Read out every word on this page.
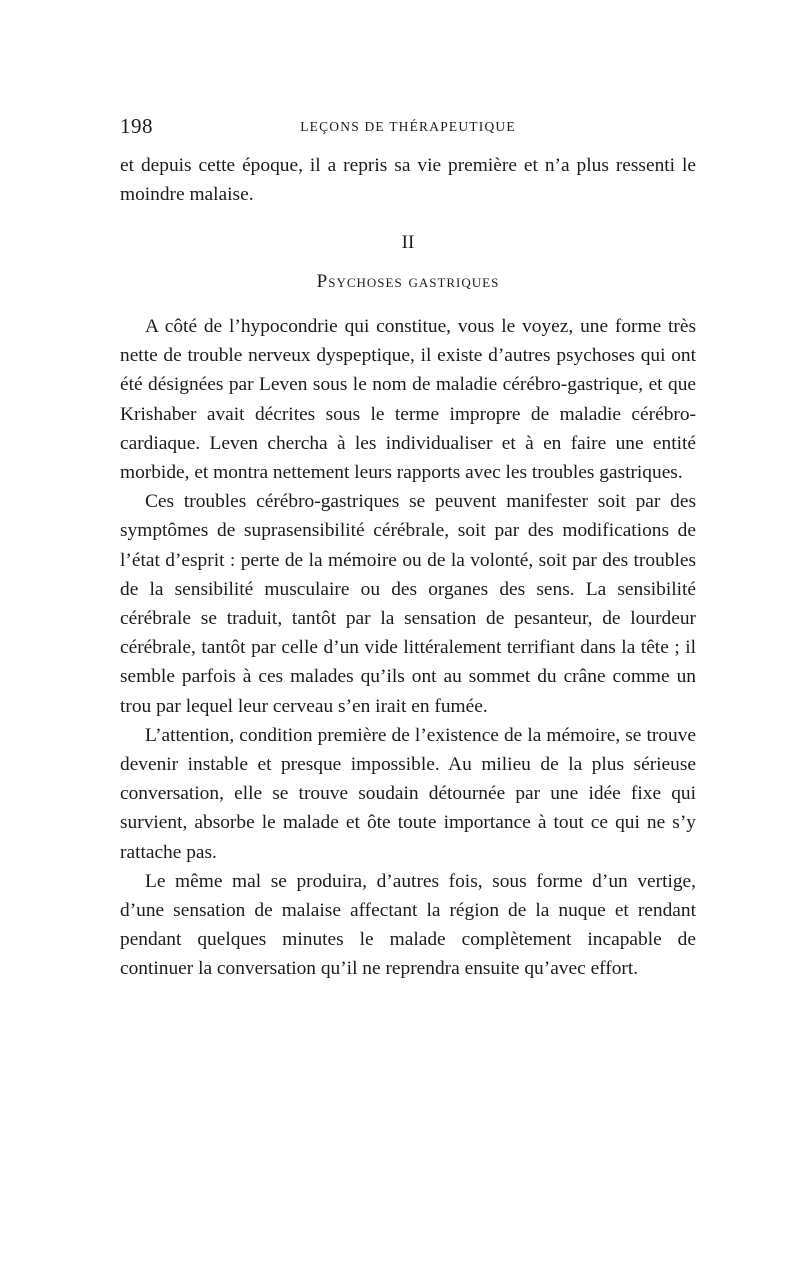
198	LEÇONS DE THÉRAPEUTIQUE

et depuis cette époque, il a repris sa vie première et n’a plus ressenti le moindre malaise.

II
Psychoses gastriques

A côté de l’hypocondrie qui constitue, vous le voyez, une forme très nette de trouble nerveux dyspeptique, il existe d’autres psychoses qui ont été désignées par Leven sous le nom de maladie cérébro-gastrique, et que Krishaber avait décrites sous le terme impropre de maladie cérébro-cardiaque. Leven chercha à les individualiser et à en faire une entité morbide, et montra nettement leurs rapports avec les troubles gastriques.

Ces troubles cérébro-gastriques se peuvent manifester soit par des symptômes de suprasensibilité cérébrale, soit par des modifications de l’état d’esprit : perte de la mémoire ou de la volonté, soit par des troubles de la sensibilité musculaire ou des organes des sens. La sensibilité cérébrale se traduit, tantôt par la sensation de pesanteur, de lourdeur cérébrale, tantôt par celle d’un vide littéralement terrifiant dans la tête ; il semble parfois à ces malades qu’ils ont au sommet du crâne comme un trou par lequel leur cerveau s’en irait en fumée.

L’attention, condition première de l’existence de la mémoire, se trouve devenir instable et presque impossible. Au milieu de la plus sérieuse conversation, elle se trouve soudain détournée par une idée fixe qui survient, absorbe le malade et ôte toute importance à tout ce qui ne s’y rattache pas.

Le même mal se produira, d’autres fois, sous forme d’un vertige, d’une sensation de malaise affectant la région de la nuque et rendant pendant quelques minutes le malade complètement incapable de continuer la conversation qu’il ne reprendra ensuite qu’avec effort.
